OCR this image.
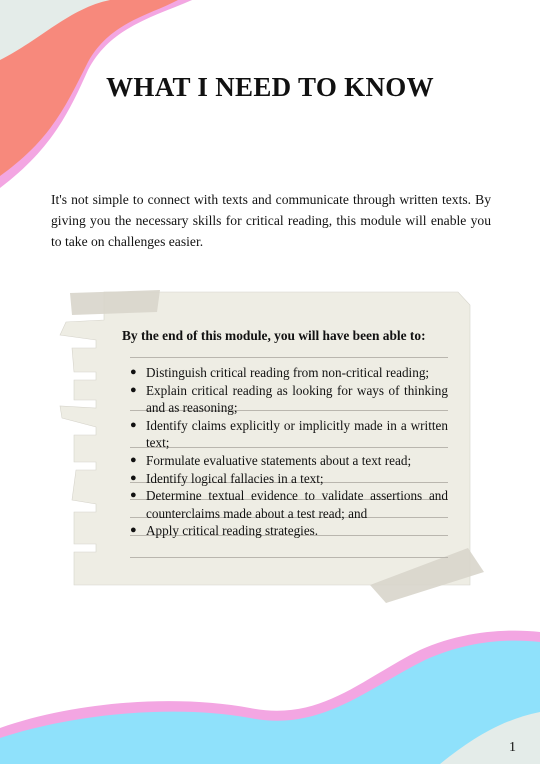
WHAT I NEED TO KNOW
It's not simple to connect with texts and communicate through written texts. By giving you the necessary skills for critical reading, this module will enable you to take on challenges easier.
By the end of this module, you will have been able to:
● Distinguish critical reading from non-critical reading;
● Explain critical reading as looking for ways of thinking and as reasoning;
● Identify claims explicitly or implicitly made in a written text;
● Formulate evaluative statements about a text read;
● Identify logical fallacies in a text;
● Determine textual evidence to validate assertions and counterclaims made about a test read; and
● Apply critical reading strategies.
1
